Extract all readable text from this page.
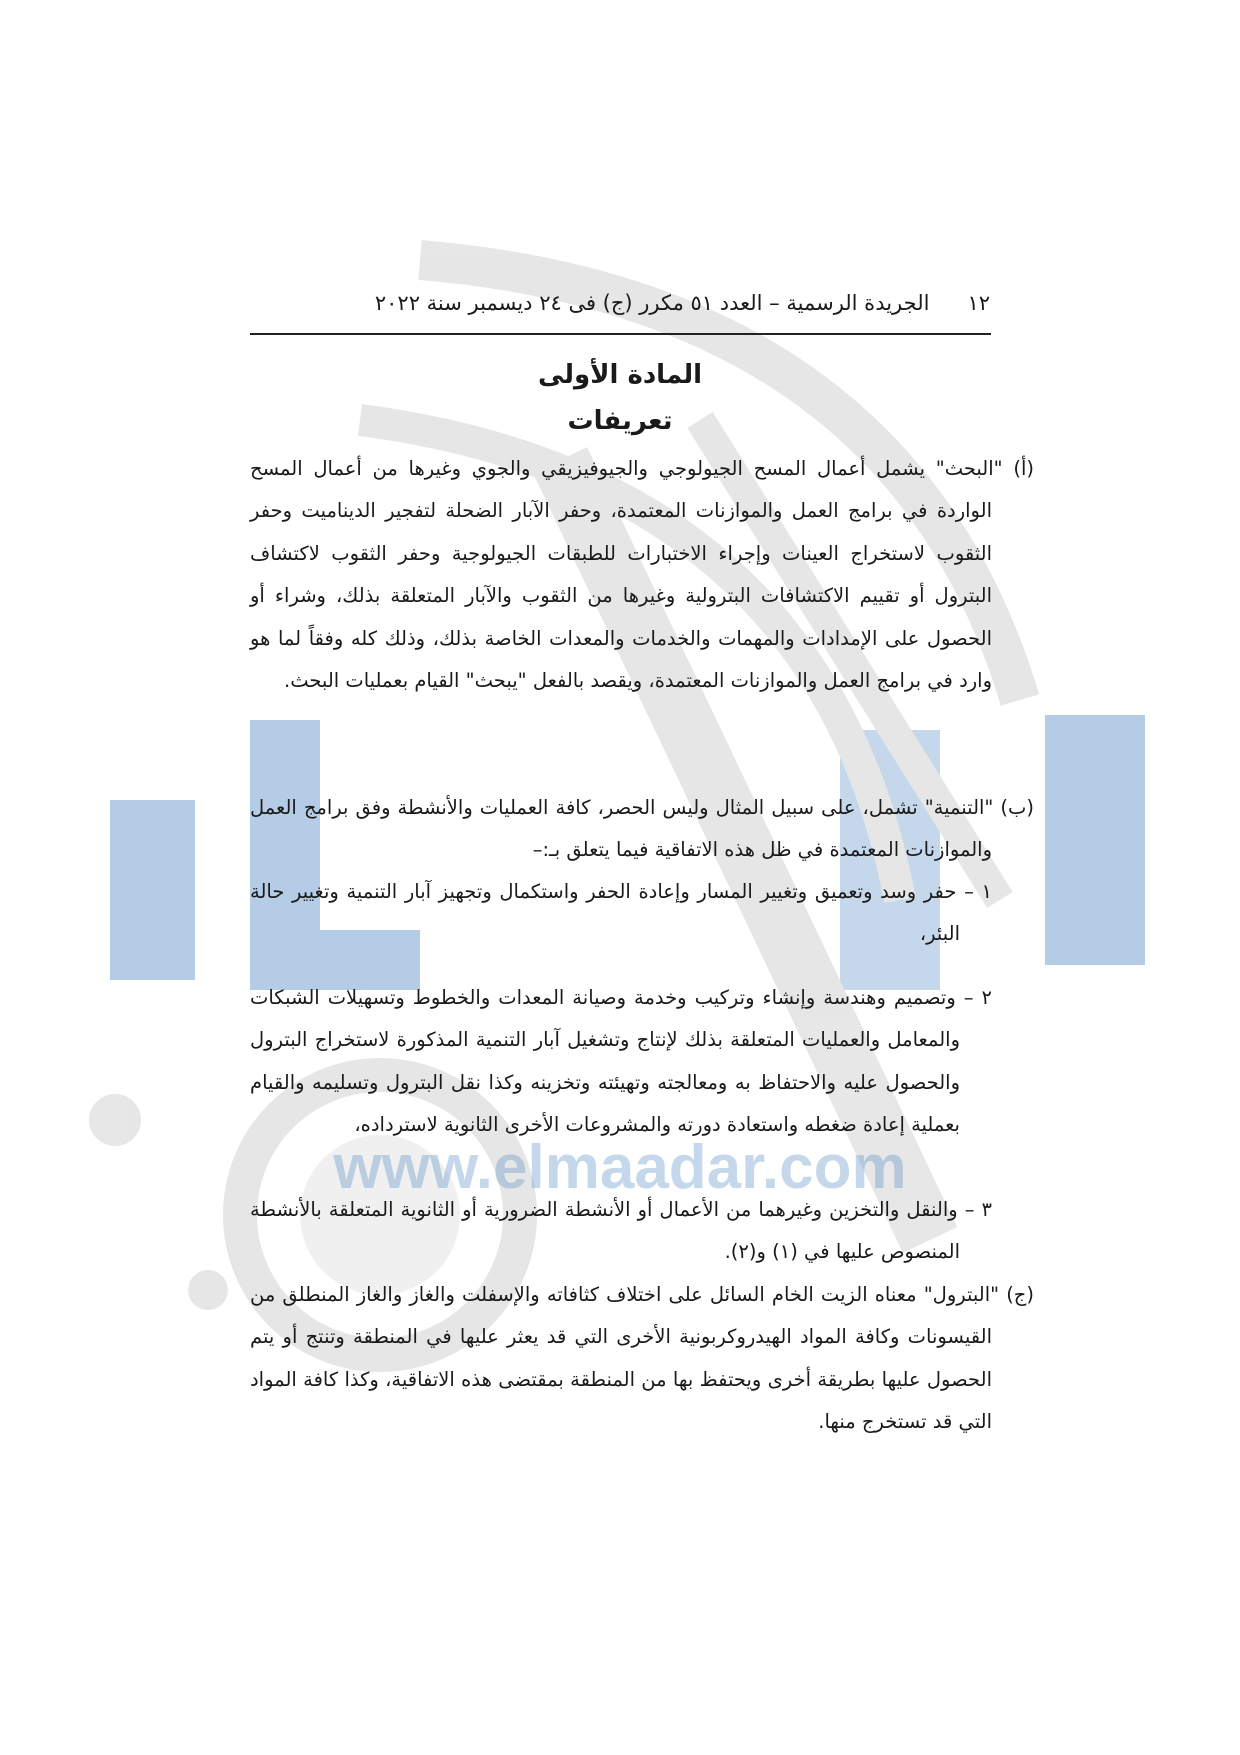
www.elmaadar.com
١٢
الجريدة الرسمية – العدد ٥١ مكرر (ج) فى ٢٤ ديسمبر سنة ٢٠٢٢
المادة الأولى
تعريفات
(أ) "البحث" يشمل أعمال المسح الجيولوجي والجيوفيزيقي والجوي وغيرها من أعمال المسح الواردة في برامج العمل والموازنات المعتمدة، وحفر الآبار الضحلة لتفجير الديناميت وحفر الثقوب لاستخراج العينات وإجراء الاختبارات للطبقات الجيولوجية وحفر الثقوب لاكتشاف البترول أو تقييم الاكتشافات البترولية وغيرها من الثقوب والآبار المتعلقة بذلك، وشراء أو الحصول على الإمدادات والمهمات والخدمات والمعدات الخاصة بذلك، وذلك كله وفقاً لما هو وارد في برامج العمل والموازنات المعتمدة، ويقصد بالفعل "يبحث" القيام بعمليات البحث.
(ب) "التنمية" تشمل، على سبيل المثال وليس الحصر، كافة العمليات والأنشطة وفق برامج العمل والموازنات المعتمدة في ظل هذه الاتفاقية فيما يتعلق بـ:–
١ – حفر وسد وتعميق وتغيير المسار وإعادة الحفر واستكمال وتجهيز آبار التنمية وتغيير حالة البئر،
٢ – وتصميم وهندسة وإنشاء وتركيب وخدمة وصيانة المعدات والخطوط وتسهيلات الشبكات والمعامل والعمليات المتعلقة بذلك لإنتاج وتشغيل آبار التنمية المذكورة لاستخراج البترول والحصول عليه والاحتفاظ به ومعالجته وتهيئته وتخزينه وكذا نقل البترول وتسليمه والقيام بعملية إعادة ضغطه واستعادة دورته والمشروعات الأخرى الثانوية لاسترداده،
٣ – والنقل والتخزين وغيرهما من الأعمال أو الأنشطة الضرورية أو الثانوية المتعلقة بالأنشطة المنصوص عليها في (١) و(٢).
(ج) "البترول" معناه الزيت الخام السائل على اختلاف كثافاته والإسفلت والغاز والغاز المنطلق من القيسونات وكافة المواد الهيدروكربونية الأخرى التي قد يعثر عليها في المنطقة وتنتج أو يتم الحصول عليها بطريقة أخرى ويحتفظ بها من المنطقة بمقتضى هذه الاتفاقية، وكذا كافة المواد التي قد تستخرج منها.
